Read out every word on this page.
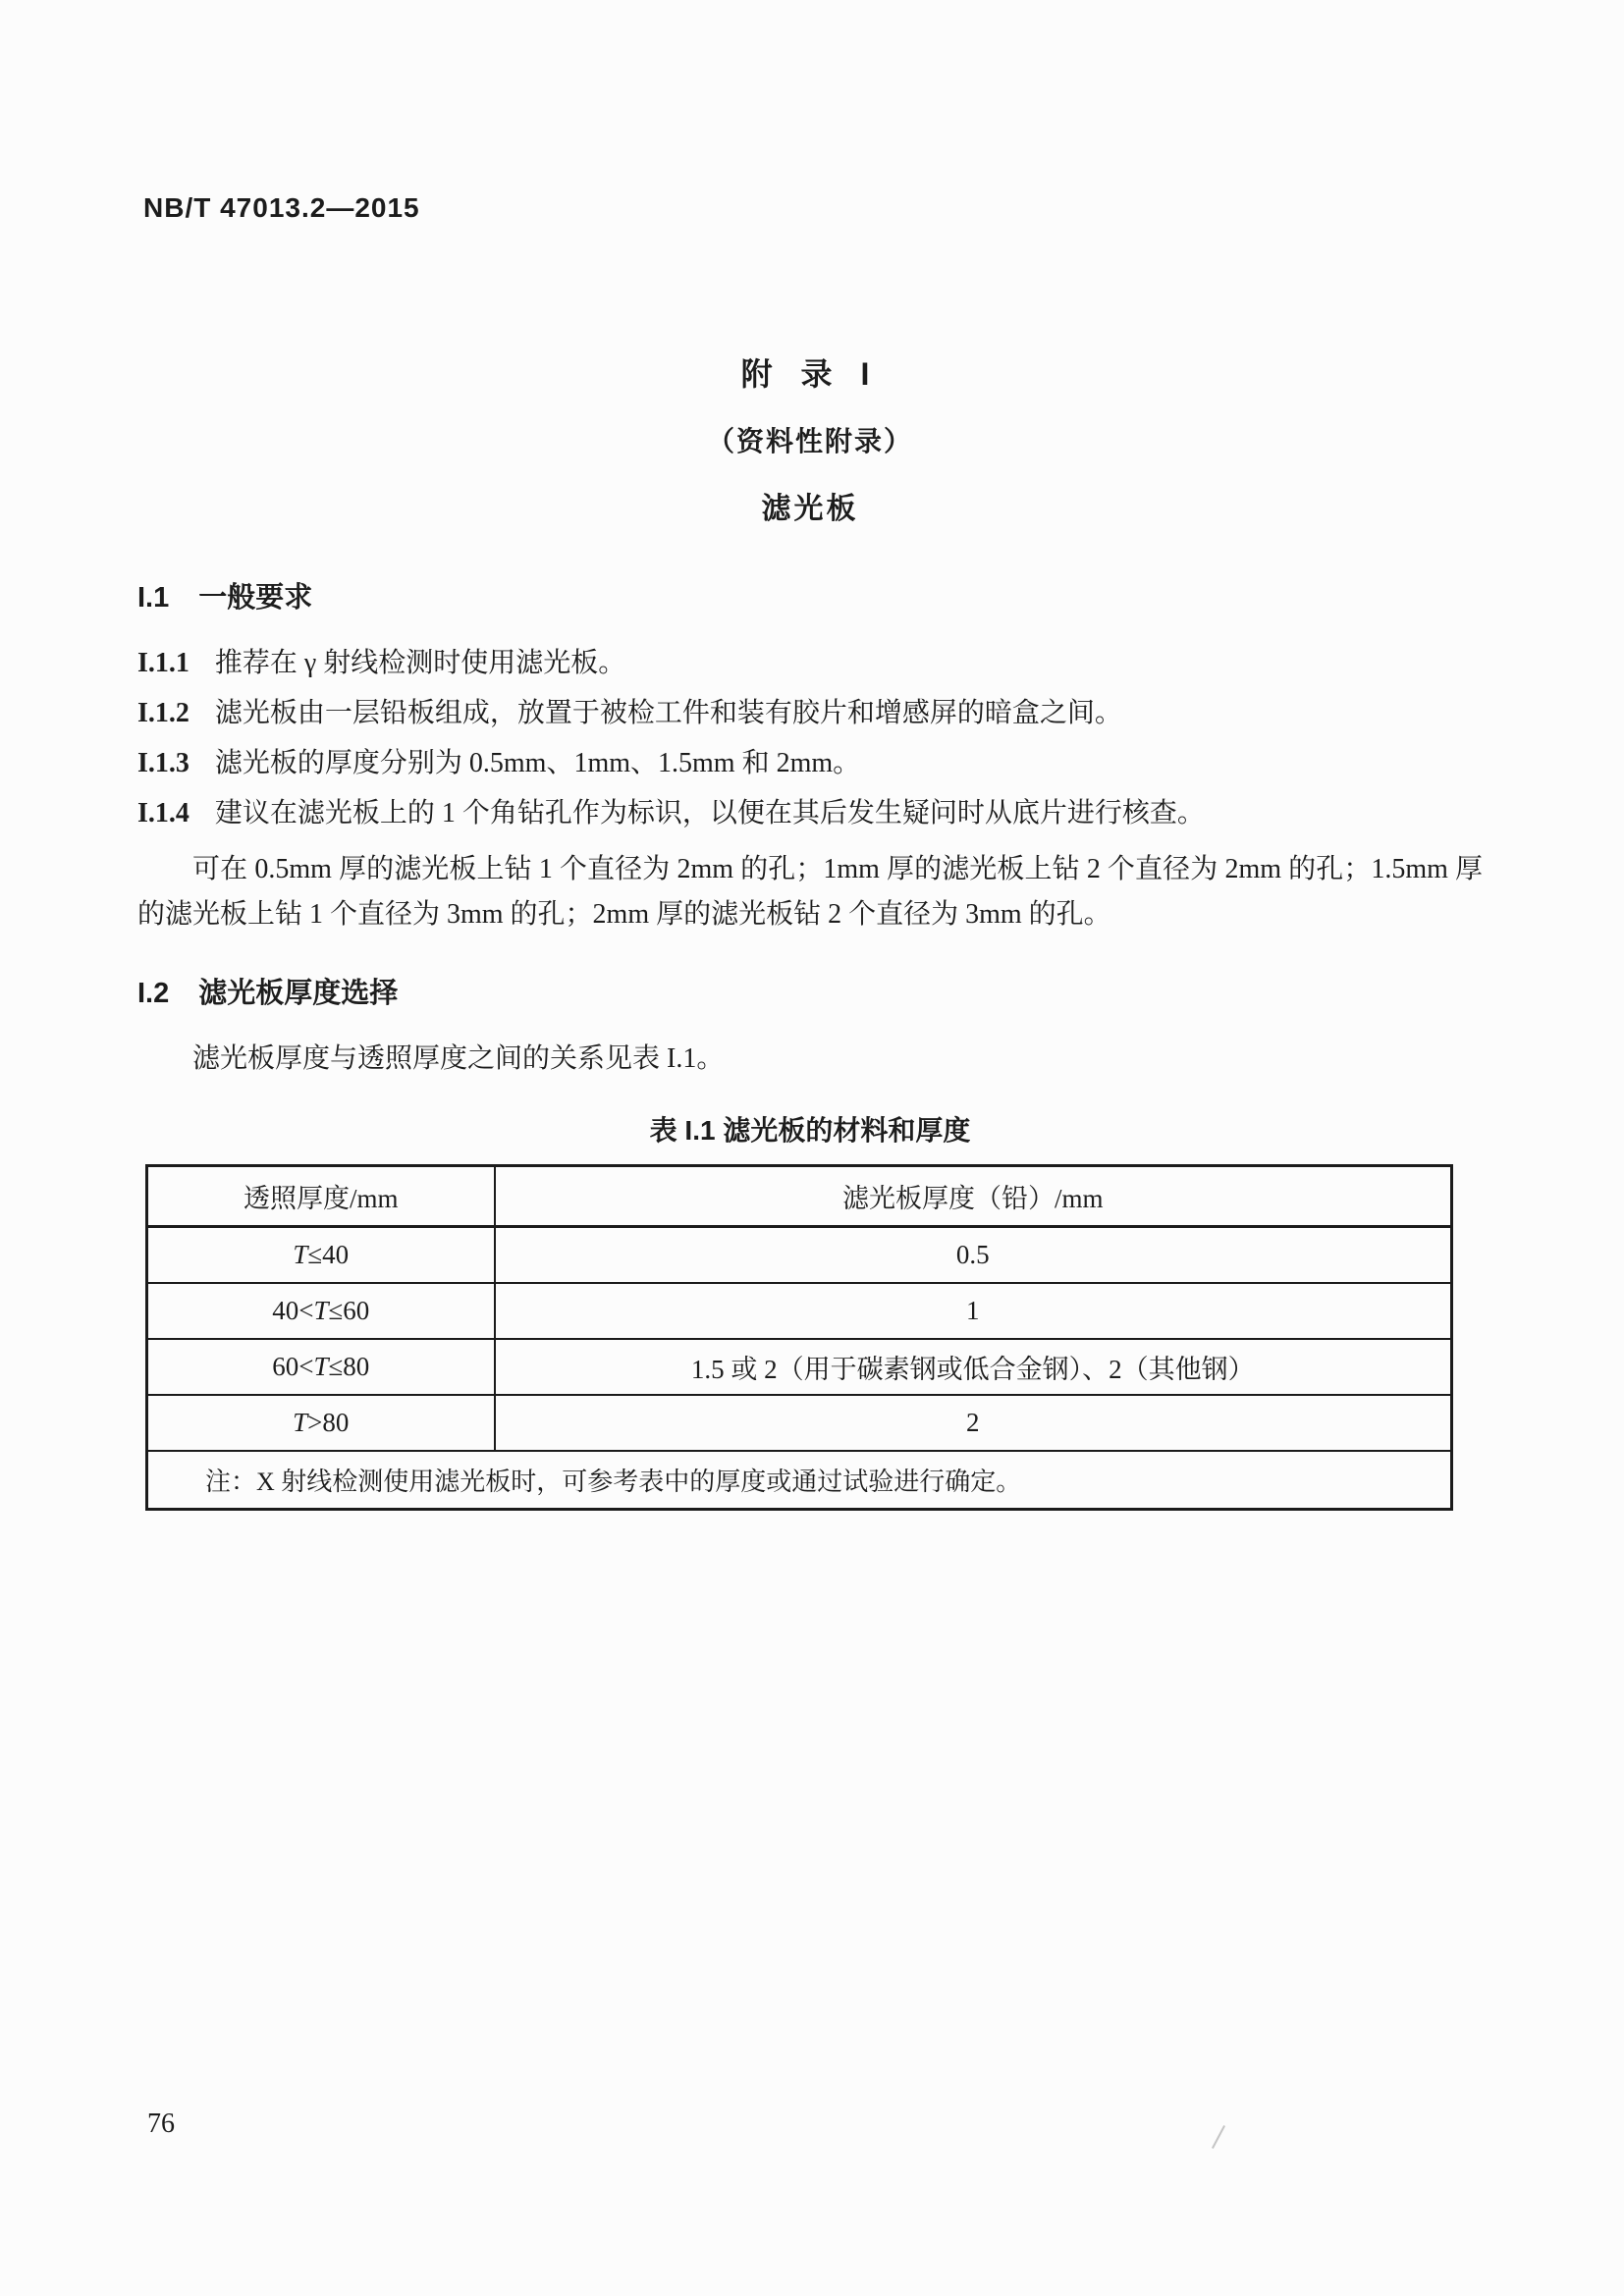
NB/T 47013.2—2015
附 录 I
（资料性附录）
滤光板
I.1 一般要求
I.1.1 推荐在 γ 射线检测时使用滤光板。
I.1.2 滤光板由一层铅板组成，放置于被检工件和装有胶片和增感屏的暗盒之间。
I.1.3 滤光板的厚度分别为 0.5mm、1mm、1.5mm 和 2mm。
I.1.4 建议在滤光板上的 1 个角钻孔作为标识，以便在其后发生疑问时从底片进行核查。

可在 0.5mm 厚的滤光板上钻 1 个直径为 2mm 的孔；1mm 厚的滤光板上钻 2 个直径为 2mm 的孔；1.5mm 厚的滤光板上钻 1 个直径为 3mm 的孔；2mm 厚的滤光板钻 2 个直径为 3mm 的孔。

I.2 滤光板厚度选择

滤光板厚度与透照厚度之间的关系见表 I.1。

表 I.1 滤光板的材料和厚度
透照厚度/mm	滤光板厚度（铅）/mm
T≤40	0.5
40<T≤60	1
60<T≤80	1.5 或 2（用于碳素钢或低合金钢）、2（其他钢）
T>80	2
注：X 射线检测使用滤光板时，可参考表中的厚度或通过试验进行确定。	
76
